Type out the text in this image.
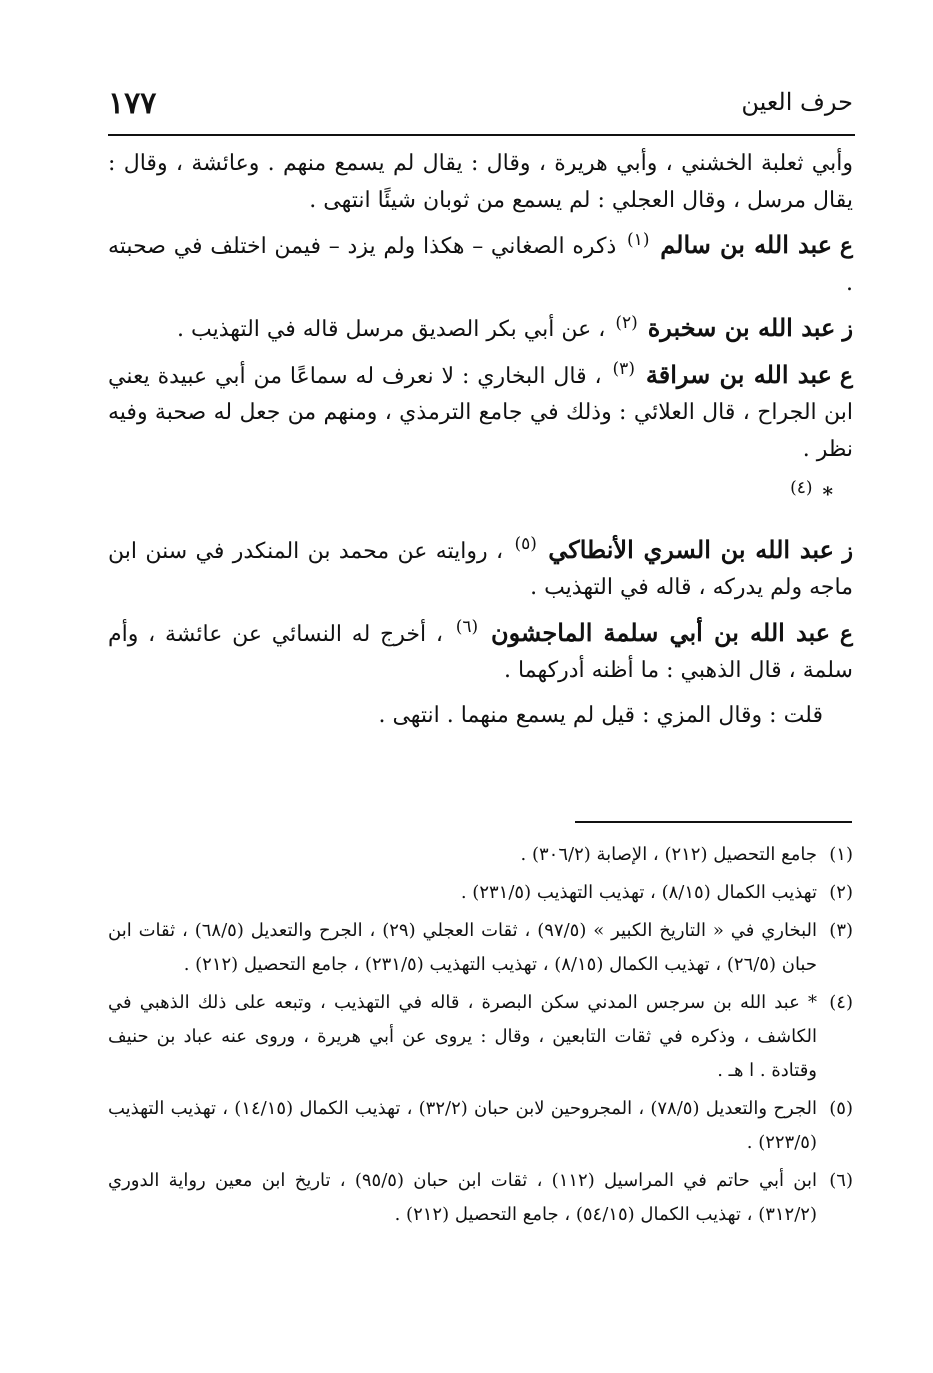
حرف العين
١٧٧

وأبي ثعلبة الخشني ، وأبي هريرة ، وقال : يقال لم يسمع منهم . وعائشة ، وقال : يقال مرسل ، وقال العجلي : لم يسمع من ثوبان شيئًا انتهى .

ع عبد الله بن سالم $^{(١)}$ ذكره الصغاني – هكذا ولم يزد – فيمن اختلف في صحبته .

ز عبد الله بن سخبرة $^{(٢)}$ ، عن أبي بكر الصديق مرسل قاله في التهذيب .

ع عبد الله بن سراقة $^{(٣)}$ ، قال البخاري : لا نعرف له سماعًا من أبي عبيدة يعني ابن الجراح ، قال العلائي : وذلك في جامع الترمذي ، ومنهم من جعل له صحبة وفيه نظر .

* $^{(٤)}$

ز عبد الله بن السري الأنطاكي $^{(٥)}$ ، روايته عن محمد بن المنكدر في سنن ابن ماجه ولم يدركه ، قاله في التهذيب .

ع عبد الله بن أبي سلمة الماجشون $^{(٦)}$ ، أخرج له النسائي عن عائشة ، وأم سلمة ، قال الذهبي : ما أظنه أدركهما .

قلت : وقال المزي : قيل لم يسمع منهما . انتهى .

(١)جامع التحصيل (٢١٢) ، الإصابة (٣٠٦/٢) .

(٢)تهذيب الكمال (٨/١٥) ، تهذيب التهذيب (٢٣١/٥) .

(٣)البخاري في « التاريخ الكبير » (٩٧/٥) ، ثقات العجلي (٢٩) ، الجرح والتعديل (٦٨/٥) ، ثقات ابن حبان (٢٦/٥) ، تهذيب الكمال (٨/١٥) ، تهذيب التهذيب (٢٣١/٥) ، جامع التحصيل (٢١٢) .

(٤)* عبد الله بن سرجس المدني سكن البصرة ، قاله في التهذيب ، وتبعه على ذلك الذهبي في الكاشف ، وذكره في ثقات التابعين ، وقال : يروى عن أبي هريرة ، وروى عنه عباد بن حنيف وقتادة . ا هـ .

(٥)الجرح والتعديل (٧٨/٥) ، المجروحين لابن حبان (٣٢/٢) ، تهذيب الكمال (١٤/١٥) ، تهذيب التهذيب (٢٢٣/٥) .

(٦)ابن أبي حاتم في المراسيل (١١٢) ، ثقات ابن حبان (٩٥/٥) ، تاريخ ابن معين رواية الدوري (٣١٢/٢) ، تهذيب الكمال (٥٤/١٥) ، جامع التحصيل (٢١٢) .
